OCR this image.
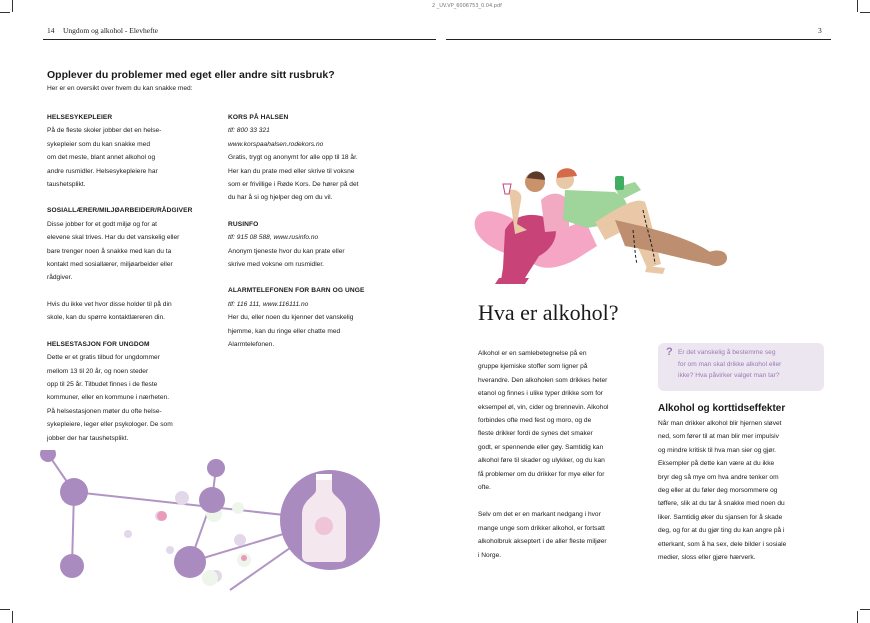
2 _UV.VP_6006753_0.04.pdf
14 Ungdom og alkohol - Elevhefte	3
Opplever du problemer med eget eller andre sitt rusbruk?
Her er en oversikt over hvem du kan snakke med:
HELSESYKEPLEIER

På de fleste skoler jobber det en helse-
sykepleier som du kan snakke med
om det meste, blant annet alkohol og
andre rusmidler. Helsesykepleiere har
taushetsplikt.

SOSIALLÆRER/MILJØARBEIDER/RÅDGIVER

Disse jobber for et godt miljø og for at
elevene skal trives. Har du det vanskelig eller
bare trenger noen å snakke med kan du ta
kontakt med sosiallærer, miljøarbeider eller
rådgiver.

Hvis du ikke vet hvor disse holder til på din
skole, kan du spørre kontaktlæreren din.

HELSESTASJON FOR UNGDOM

Dette er et gratis tilbud for ungdommer
mellom 13 til 20 år, og noen steder
opp til 25 år. Tilbudet finnes i de fleste
kommuner, eller en kommune i nærheten.
På helsestasjonen møter du ofte helse-
sykepleiere, leger eller psykologer. De som
jobber der har taushetsplikt.

KORS PÅ HALSEN

tlf: 800 33 321
www.korspaahalsen.rodekors.no

Gratis, trygt og anonymt for alle opp til 18 år.
Her kan du prate med eller skrive til voksne
som er frivillige i Røde Kors. De hører på det
du har å si og hjelper deg om du vil.

RUSINFO

tlf: 915 08 588, www.rusinfo.no

Anonym tjeneste hvor du kan prate eller
skrive med voksne om rusmidler.

ALARMTELEFONEN FOR BARN OG UNGE

tlf: 116 111, www.116111.no

Her du, eller noen du kjenner det vanskelig
hjemme, kan du ringe eller chatte med
Alarmtelefonen.

Hva er alkohol?

Alkohol er en samlebetegnelse på en
gruppe kjemiske stoffer som ligner på
hverandre. Den alkoholen som drikkes heter
etanol og finnes i ulike typer drikke som for
eksempel øl, vin, cider og brennevin. Alkohol
forbindes ofte med fest og moro, og de
fleste drikker fordi de synes det smaker
godt, er spennende eller gøy. Samtidig kan
alkohol føre til skader og ulykker, og du kan
få problemer om du drikker for mye eller for
ofte.

Selv om det er en markant nedgang i hvor
mange unge som drikker alkohol, er fortsatt
alkoholbruk akseptert i de aller fleste miljøer
i Norge.

? Er det vanskelig å bestemme seg
for om man skal drikke alkohol eller
ikke? Hva påvirker valget man tar?
Alkohol og korttidseffekter

Når man drikker alkohol blir hjernen sløvet
ned, som fører til at man blir mer impulsiv
og mindre kritisk til hva man sier og gjør.
Eksempler på dette kan være at du ikke
bryr deg så mye om hva andre tenker om
deg eller at du føler deg morsommere og
tøffere, slik at du tar å snakke med noen du
liker. Samtidig øker du sjansen for å skade
deg, og for at du gjør ting du kan angre på i
etterkant, som å ha sex, dele bilder i sosiale
medier, sloss eller gjøre hærverk.
